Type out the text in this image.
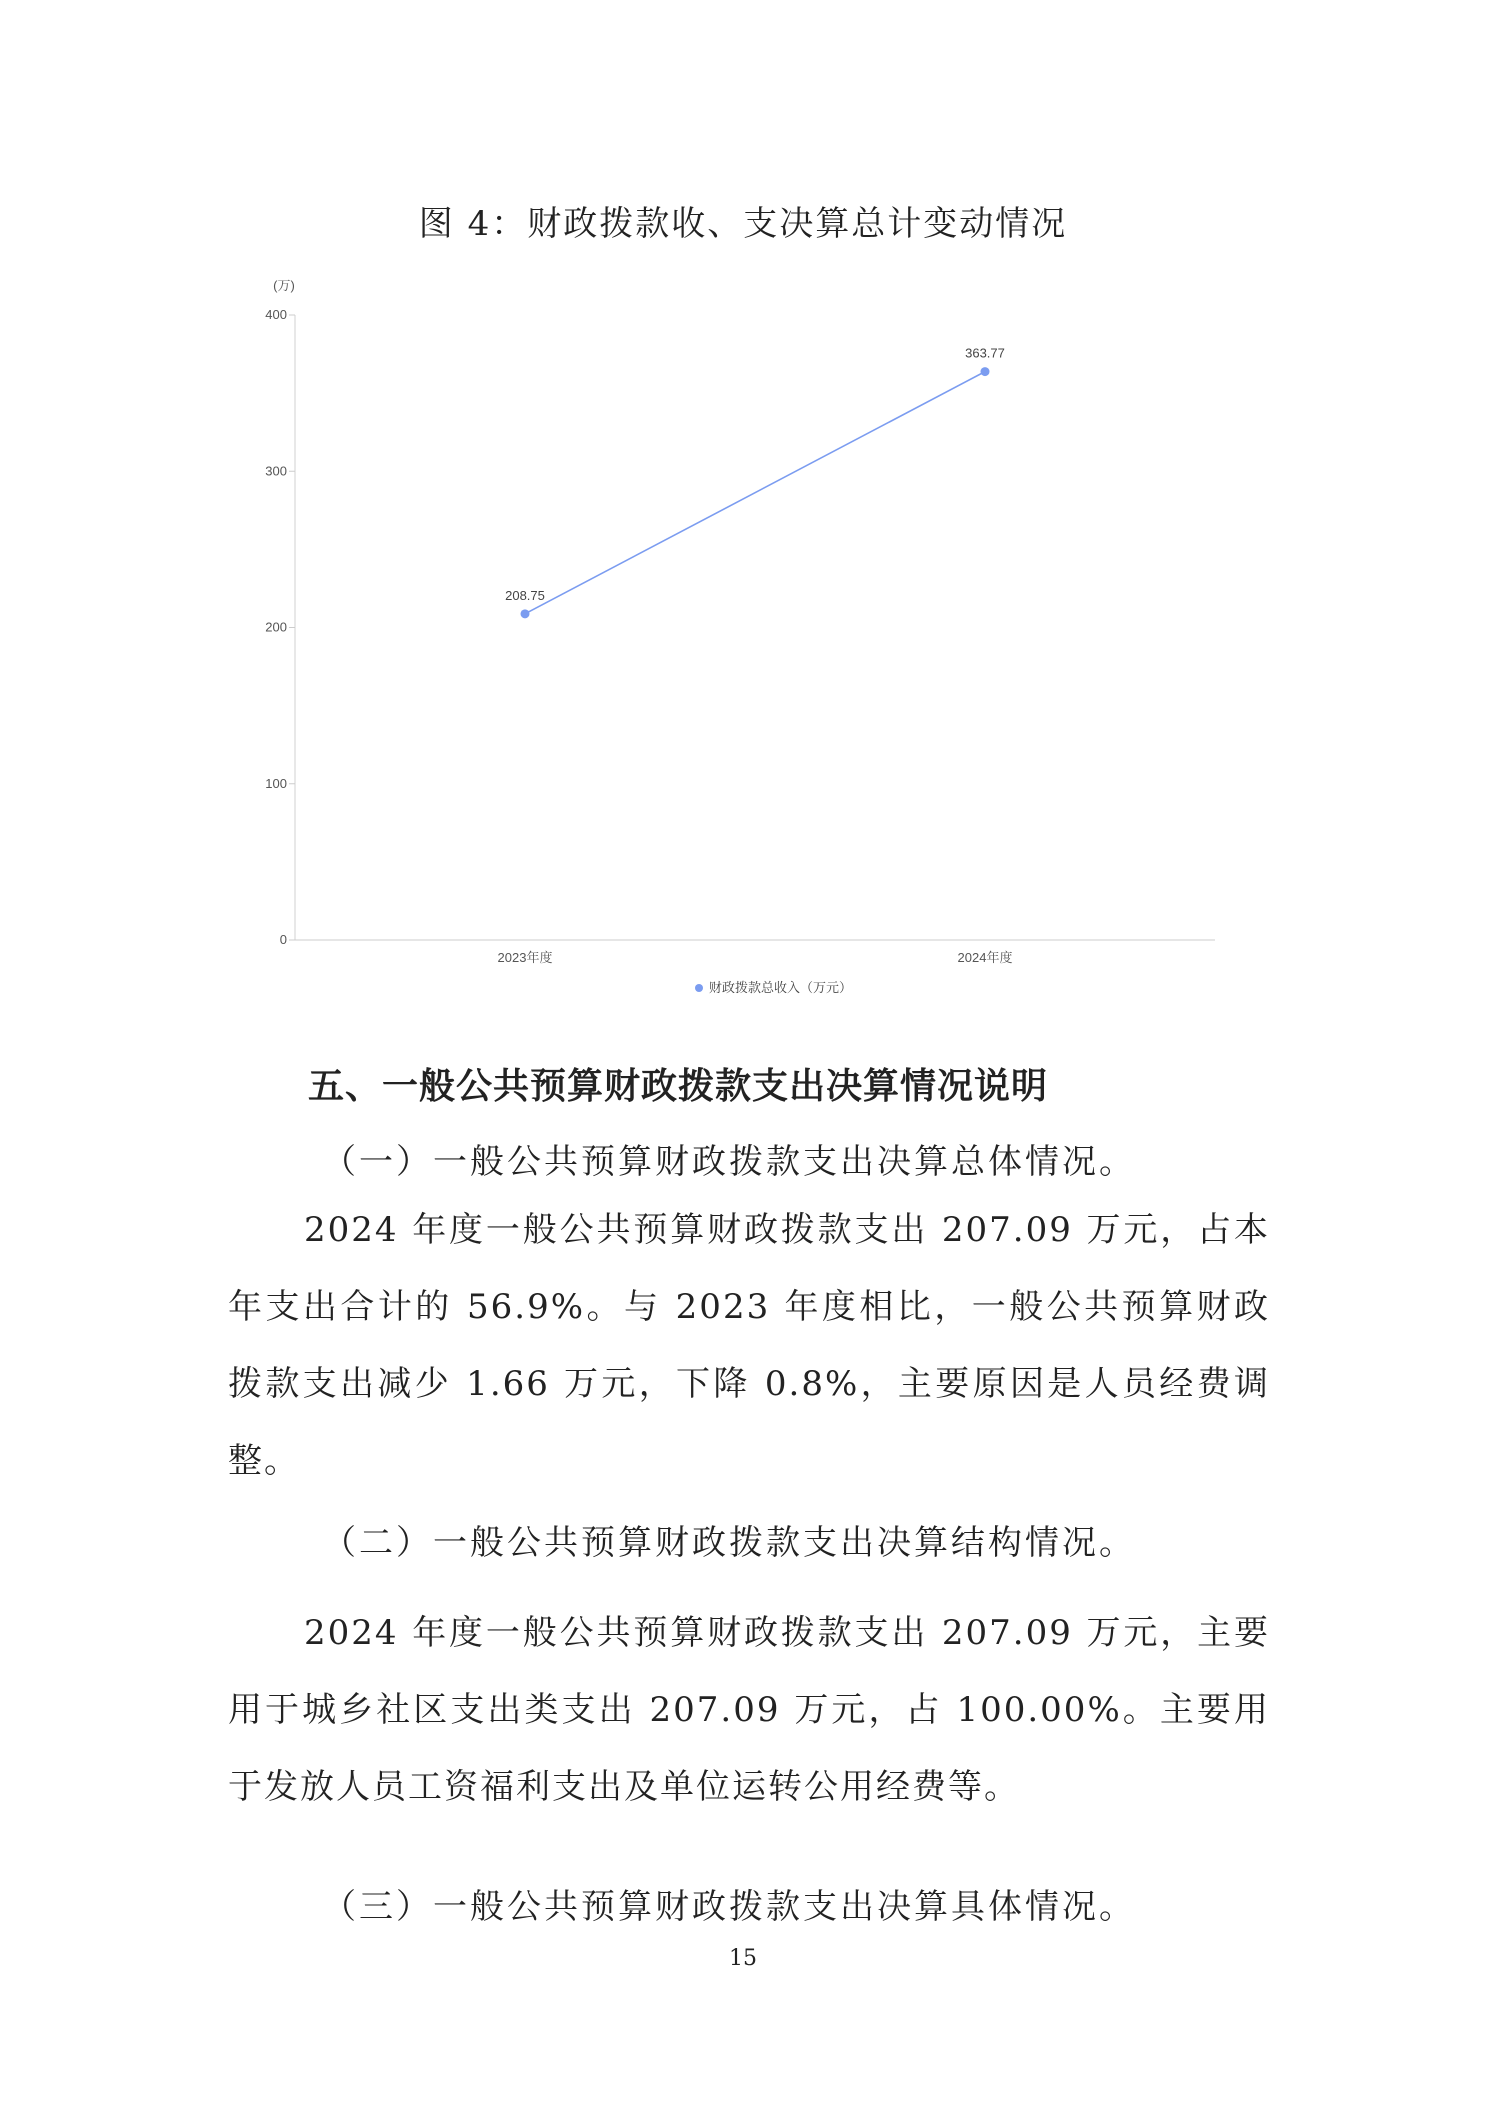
图 4：财政拨款收、支决算总计变动情况
(万)
0
100
200
300
400
2023年度	2024年度
208.75
363.77
财政拨款总收入（万元）
五、一般公共预算财政拨款支出决算情况说明
（一）一般公共预算财政拨款支出决算总体情况。
2024 年度一般公共预算财政拨款支出 207.09 万元，占本年支出合计的 56.9%。与 2023 年度相比，一般公共预算财政拨款支出减少 1.66 万元，下降 0.8%，主要原因是人员经费调整。
（二）一般公共预算财政拨款支出决算结构情况。
2024 年度一般公共预算财政拨款支出 207.09 万元，主要用于城乡社区支出类支出 207.09 万元，占 100.00%。主要用于发放人员工资福利支出及单位运转公用经费等。
（三）一般公共预算财政拨款支出决算具体情况。
15
